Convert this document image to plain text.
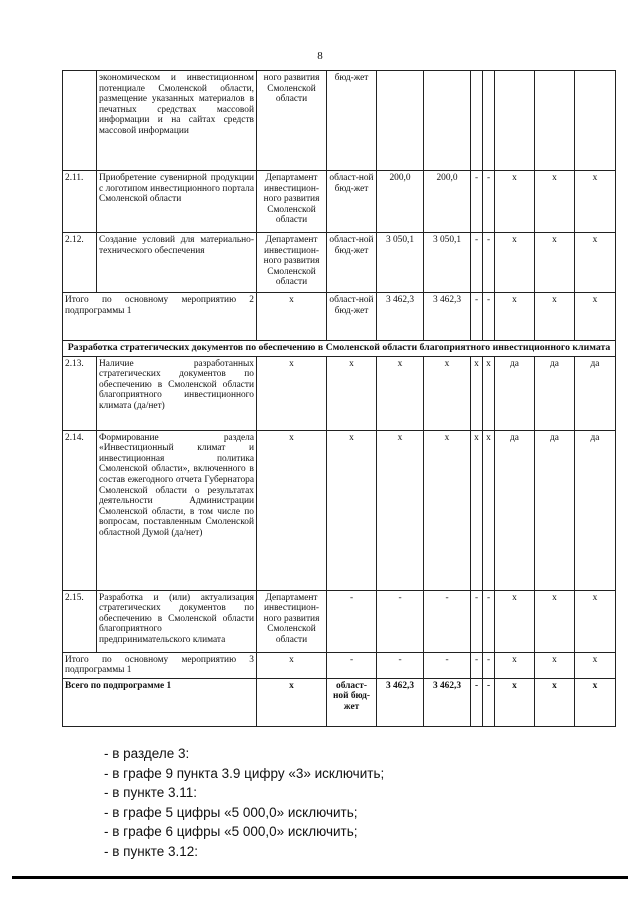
8
	экономическом и инвестиционном потенциале Смоленской области, размещение указанных материалов в печатных средствах массовой информации и на сайтах средств массовой информации	ного развития Смоленской области	бюд-жет							
2.11.	Приобретение сувенирной продукции с логотипом инвестиционного портала Смоленской области	Департамент инвестицион-ного развития Смоленской области	област-ной бюд-жет	200,0	200,0	-	-	х	х	х
2.12.	Создание условий для материально-технического обеспечения	Департамент инвестицион-ного развития Смоленской области	област-ной бюд-жет	3 050,1	3 050,1	-	-	х	х	х
Итого по основному мероприятию 2 подпрограммы 1		х	област-ной бюд-жет	3 462,3	3 462,3	-	-	х	х	х
Разработка стратегических документов по обеспечению в Смоленской области благоприятного инвестиционного климата										
2.13.	Наличие разработанных стратегических документов по обеспечению в Смоленской области благоприятного инвестиционного климата (да/нет)	х	х	х	х	х	х	да	да	да
2.14.	Формирование раздела «Инвестиционный климат и инвестиционная политика Смоленской области», включенного в состав ежегодного отчета Губернатора Смоленской области о результатах деятельности Администрации Смоленской области, в том числе по вопросам, поставленным Смоленской областной Думой (да/нет)	х	х	х	х	х	х	да	да	да
2.15.	Разработка и (или) актуализация стратегических документов по обеспечению в Смоленской области благоприятного предпринимательского климата	Департамент инвестицион-ного развития Смоленской области	-	-	-	-	-	х	х	х
Итого по основному мероприятию 3 подпрограммы 1		х	-	-	-	-	-	х	х	х
Всего по подпрограмме 1		х	област-ной бюд-жет	3 462,3	3 462,3	-	-	х	х	х
- в разделе 3:
- в графе 9 пункта 3.9 цифру «3» исключить;
- в пункте 3.11:
- в графе 5 цифры «5 000,0» исключить;
- в графе 6 цифры «5 000,0» исключить;
- в пункте 3.12:
